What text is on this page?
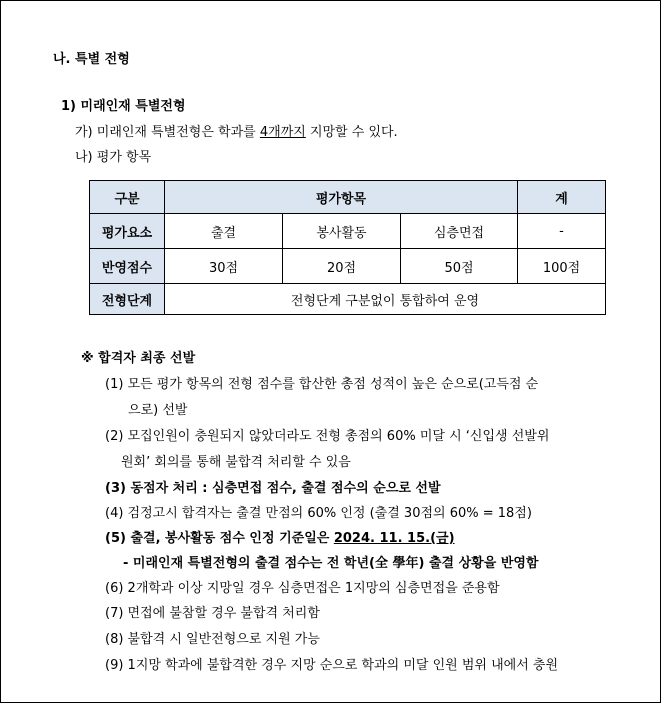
나. 특별 전형
1) 미래인재 특별전형
가) 미래인재 특별전형은 학과를 4개까지 지망할 수 있다.
나) 평가 항목
구분	평가항목			계
평가요소	출결	봉사활동	심층면접	-
반영점수	30점	20점	50점	100점
전형단계	전형단계 구분없이 통합하여 운영			
※ 합격자 최종 선발
(1) 모든 평가 항목의 전형 점수를 합산한 총점 성적이 높은 순으로(고득점 순
으로) 선발
(2) 모집인원이 충원되지 않았더라도 전형 총점의 60% 미달 시 ‘신입생 선발위
원회’ 회의를 통해 불합격 처리할 수 있음
(3) 동점자 처리 : 심층면접 점수, 출결 점수의 순으로 선발
(4) 검정고시 합격자는 출결 만점의 60% 인정 (출결 30점의 60% = 18점)
(5) 출결, 봉사활동 점수 인정 기준일은 2024. 11. 15.(금)
- 미래인재 특별전형의 출결 점수는 전 학년(全 學年) 출결 상황을 반영함
(6) 2개학과 이상 지망일 경우 심층면접은 1지망의 심층면접을 준용함
(7) 면접에 불참할 경우 불합격 처리함
(8) 불합격 시 일반전형으로 지원 가능
(9) 1지망 학과에 불합격한 경우 지망 순으로 학과의 미달 인원 범위 내에서 충원
